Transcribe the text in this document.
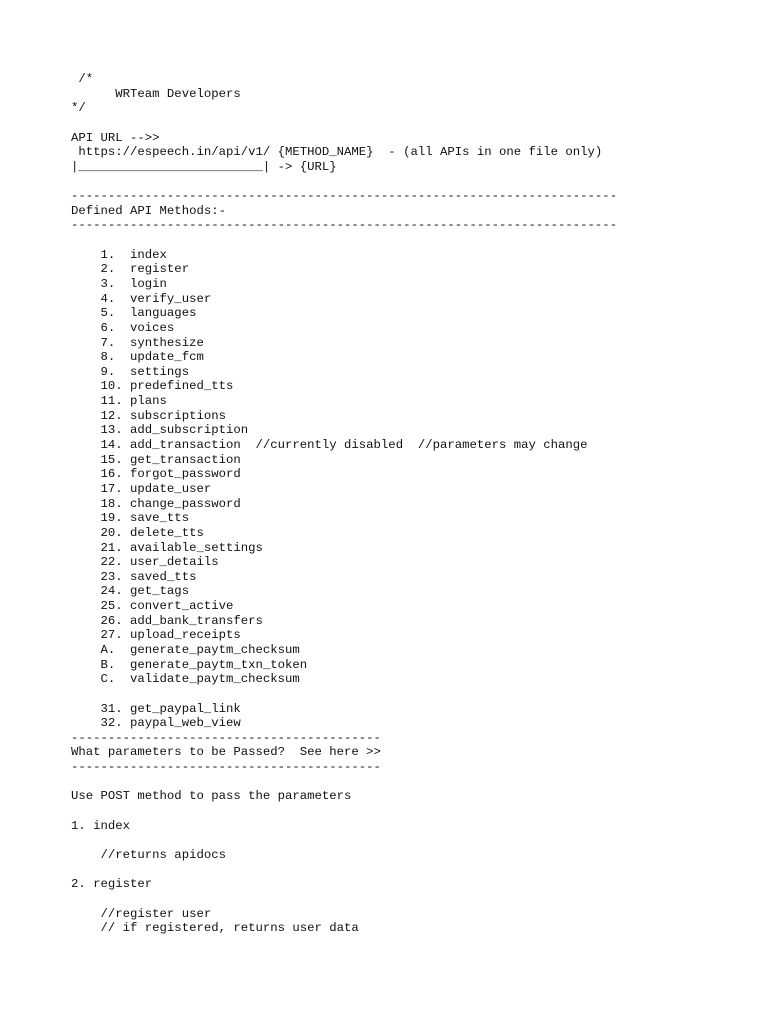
/*
WRTeam Developers
*/
API URL -->>
https://espeech.in/api/v1/ {METHOD_NAME}  - (all APIs in one file only)
|_________________________| -> {URL}
--------------------------------------------------------------------------
Defined API Methods:-
--------------------------------------------------------------------------
1.  index
2.  register
3.  login
4.  verify_user
5.  languages
6.  voices
7.  synthesize
8.  update_fcm
9.  settings
10. predefined_tts
11. plans
12. subscriptions
13. add_subscription
14. add_transaction  //currently disabled  //parameters may change
15. get_transaction
16. forgot_password
17. update_user
18. change_password
19. save_tts
20. delete_tts
21. available_settings
22. user_details
23. saved_tts
24. get_tags
25. convert_active
26. add_bank_transfers
27. upload_receipts
A.  generate_paytm_checksum
B.  generate_paytm_txn_token
C.  validate_paytm_checksum
31. get_paypal_link
32. paypal_web_view
------------------------------------------
What parameters to be Passed?  See here >>
------------------------------------------
Use POST method to pass the parameters
1. index
//returns apidocs
2. register
//register user
// if registered, returns user data
